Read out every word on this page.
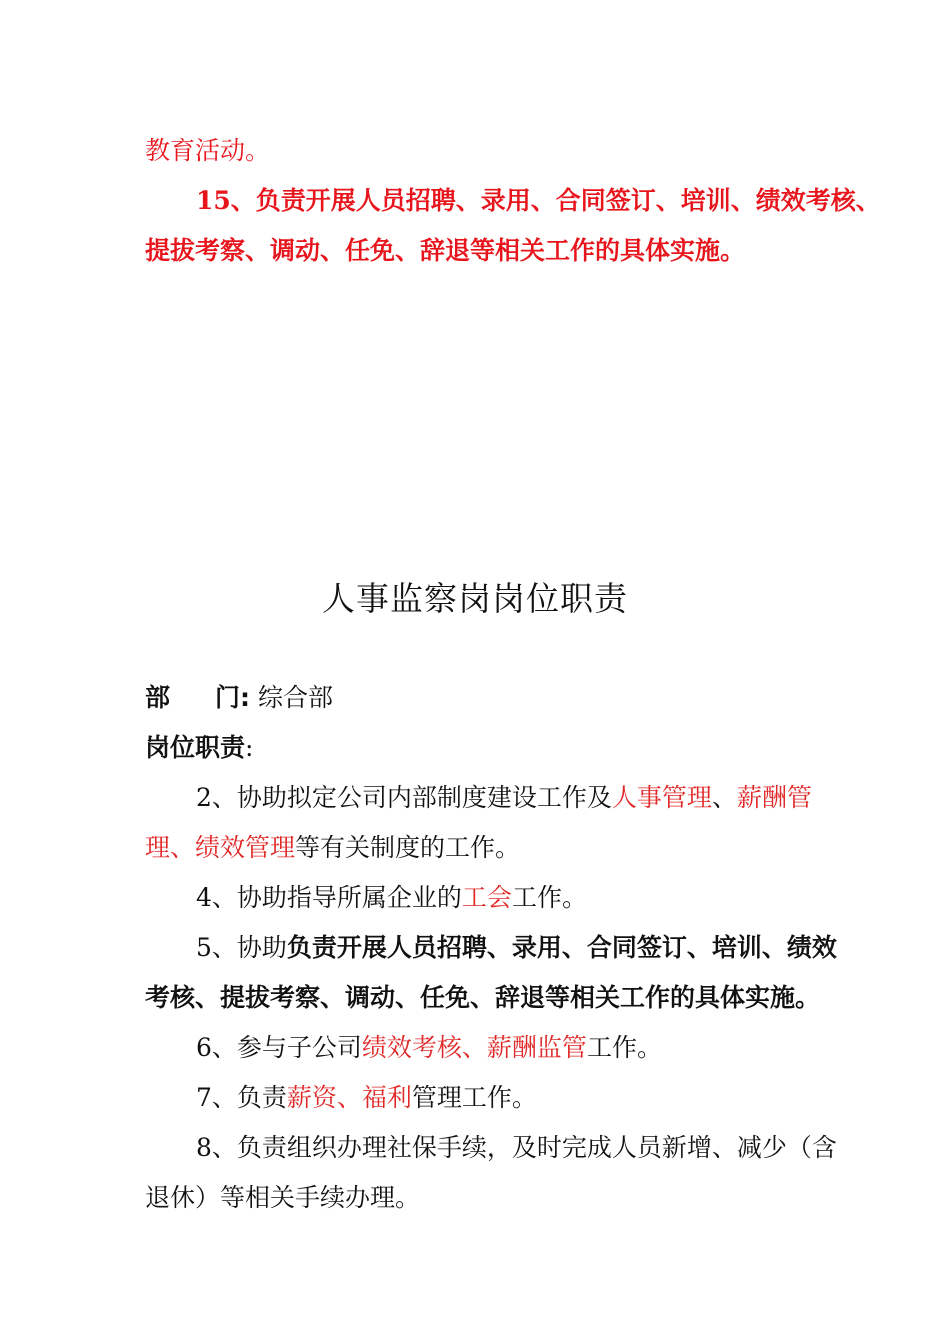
教育活动。
15、负责开展人员招聘、录用、合同签订、培训、绩效考核、
提拔考察、调动、任免、辞退等相关工作的具体实施。
人事监察岗岗位职责
部 门: 综合部
岗位职责:
2、协助拟定公司内部制度建设工作及人事管理、薪酬管
理、绩效管理等有关制度的工作。
4、协助指导所属企业的工会工作。
5、协助负责开展人员招聘、录用、合同签订、培训、绩效
考核、提拔考察、调动、任免、辞退等相关工作的具体实施。
6、参与子公司绩效考核、薪酬监管工作。
7、负责薪资、福利管理工作。
8、负责组织办理社保手续，及时完成人员新增、减少（含
退休）等相关手续办理。
